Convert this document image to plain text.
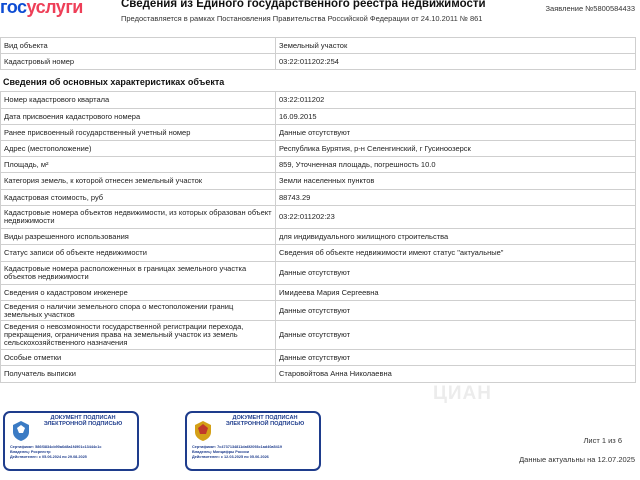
госуслуги	Сведения из Единого государственного реестра недвижимости
Предоставляется в рамках Постановления Правительства Российской Федерации от 24.10.2011 № 861
Заявление №5800584433
Вид объекта	Земельный участок
Кадастровый номер	03:22:011202:254
Сведения об основных характеристиках объекта
Номер кадастрового квартала	03:22:011202
Дата присвоения кадастрового номера	16.09.2015
Ранее присвоенный государственный учетный номер	Данные отсутствуют
Адрес (местоположение)	Республика Бурятия, р-н Селенгинский, г Гусиноозерск
Площадь, м²	859, Уточненная площадь, погрешность 10.0
Категория земель, к которой отнесен земельный участок	Земли населенных пунктов
Кадастровая стоимость, руб	88743.29
Кадастровые номера объектов недвижимости, из которых образован объект недвижимости	03:22:011202:23
Виды разрешенного использования	для индивидуального жилищного строительства
Статус записи об объекте недвижимости	Сведения об объекте недвижимости имеют статус "актуальные"
Кадастровые номера расположенных в границах земельного участка объектов недвижимости	Данные отсутствуют
Сведения о кадастровом инженере	Имидеева Мария Сергеевна
Сведения о наличии земельного спора о местоположении границ земельных участков	Данные отсутствуют
Сведения о невозможности государственной регистрации перехода, прекращения, ограничения права на земельный участок из земель сельскохозяйственного назначения	Данные отсутствуют
Особые отметки	Данные отсутствуют
Получатель выписки	Старовойтова Анна Николаевна
ЦИАН
ДОКУМЕНТ ПОДПИСАН ЭЛЕКТРОННОЙ ПОДПИСЬЮ
Сертификат: 586f3834cb90a6d8a1f4901c13444c1c
Владелец: Росреестр
Действителен: с 05.06.2024 по 29.08.2025
ДОКУМЕНТ ПОДПИСАН ЭЛЕКТРОННОЙ ПОДПИСЬЮ
Сертификат: 7c4737134811da6f2093c1ad40a5419
Владелец: Минцифры России
Действителен: с 12.03.2025 по 05.06.2026
Лист 1 из 6
Данные актуальны на 12.07.2025
